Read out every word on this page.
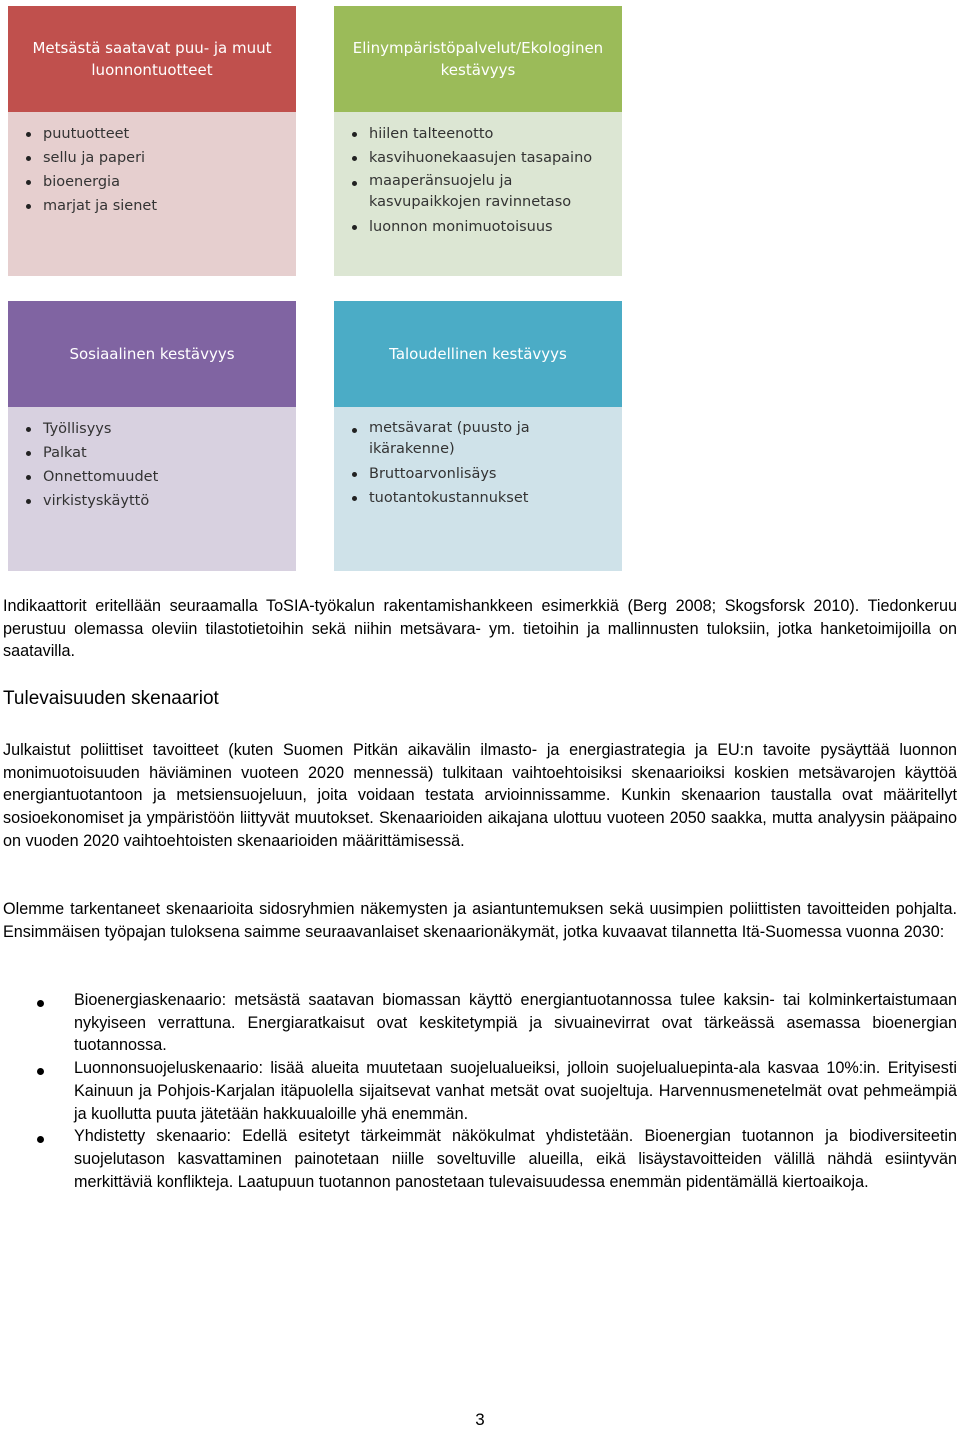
Metsästä saatavat puu- ja muut luonnontuotteet
puutuotteet
sellu ja paperi
bioenergia
marjat ja sienet
Elinympäristöpalvelut/Ekologinen kestävyys
hiilen talteenotto
kasvihuonekaasujen tasapaino
maaperänsuojelu ja kasvupaikkojen ravinnetaso
luonnon monimuotoisuus
Sosiaalinen kestävyys
Työllisyys
Palkat
Onnettomuudet
virkistyskäyttö
Taloudellinen kestävyys
metsävarat (puusto ja ikärakenne)
Bruttoarvonlisäys
tuotantokustannukset

Indikaattorit eritellään seuraamalla ToSIA-työkalun rakentamishankkeen esimerkkiä (Berg 2008; Skogsforsk 2010). Tiedonkeruu perustuu olemassa oleviin tilastotietoihin sekä niihin metsävara- ym. tietoihin ja mallinnusten tuloksiin, jotka hanketoimijoilla on saatavilla.

Tulevaisuuden skenaariot

Julkaistut poliittiset tavoitteet (kuten Suomen Pitkän aikavälin ilmasto- ja energiastrategia ja EU:n tavoite pysäyttää luonnon monimuotoisuuden häviäminen vuoteen 2020 mennessä) tulkitaan vaihtoehtoisiksi skenaarioiksi koskien metsävarojen käyttöä energiantuotantoon ja metsiensuojeluun, joita voidaan testata arvioinnissamme. Kunkin skenaarion taustalla ovat määritellyt sosioekonomiset ja ympäristöön liittyvät muutokset. Skenaarioiden aikajana ulottuu vuoteen 2050 saakka, mutta analyysin pääpaino on vuoden 2020 vaihtoehtoisten skenaarioiden määrittämisessä.

Olemme tarkentaneet skenaarioita sidosryhmien näkemysten ja asiantuntemuksen sekä uusimpien poliittisten tavoitteiden pohjalta. Ensimmäisen työpajan tuloksena saimme seuraavanlaiset skenaarionäkymät, jotka kuvaavat tilannetta Itä-Suomessa vuonna 2030:

Bioenergiaskenaario: metsästä saatavan biomassan käyttö energiantuotannossa tulee kaksin- tai kolminkertaistumaan nykyiseen verrattuna. Energiaratkaisut ovat keskitetympiä ja sivuainevirrat ovat tärkeässä asemassa bioenergian tuotannossa.
Luonnonsuojeluskenaario: lisää alueita muutetaan suojelualueiksi, jolloin suojelualuepinta-ala kasvaa 10%:in. Erityisesti Kainuun ja Pohjois-Karjalan itäpuolella sijaitsevat vanhat metsät ovat suojeltuja. Harvennusmenetelmät ovat pehmeämpiä ja kuollutta puuta jätetään hakkuualoille yhä enemmän.
Yhdistetty skenaario: Edellä esitetyt tärkeimmät näkökulmat yhdistetään. Bioenergian tuotannon ja biodiversiteetin suojelutason kasvattaminen painotetaan niille soveltuville alueilla, eikä lisäystavoitteiden välillä nähdä esiintyvän merkittäviä konflikteja. Laatupuun tuotannon panostetaan tulevaisuudessa enemmän pidentämällä kiertoaikoja.
3
